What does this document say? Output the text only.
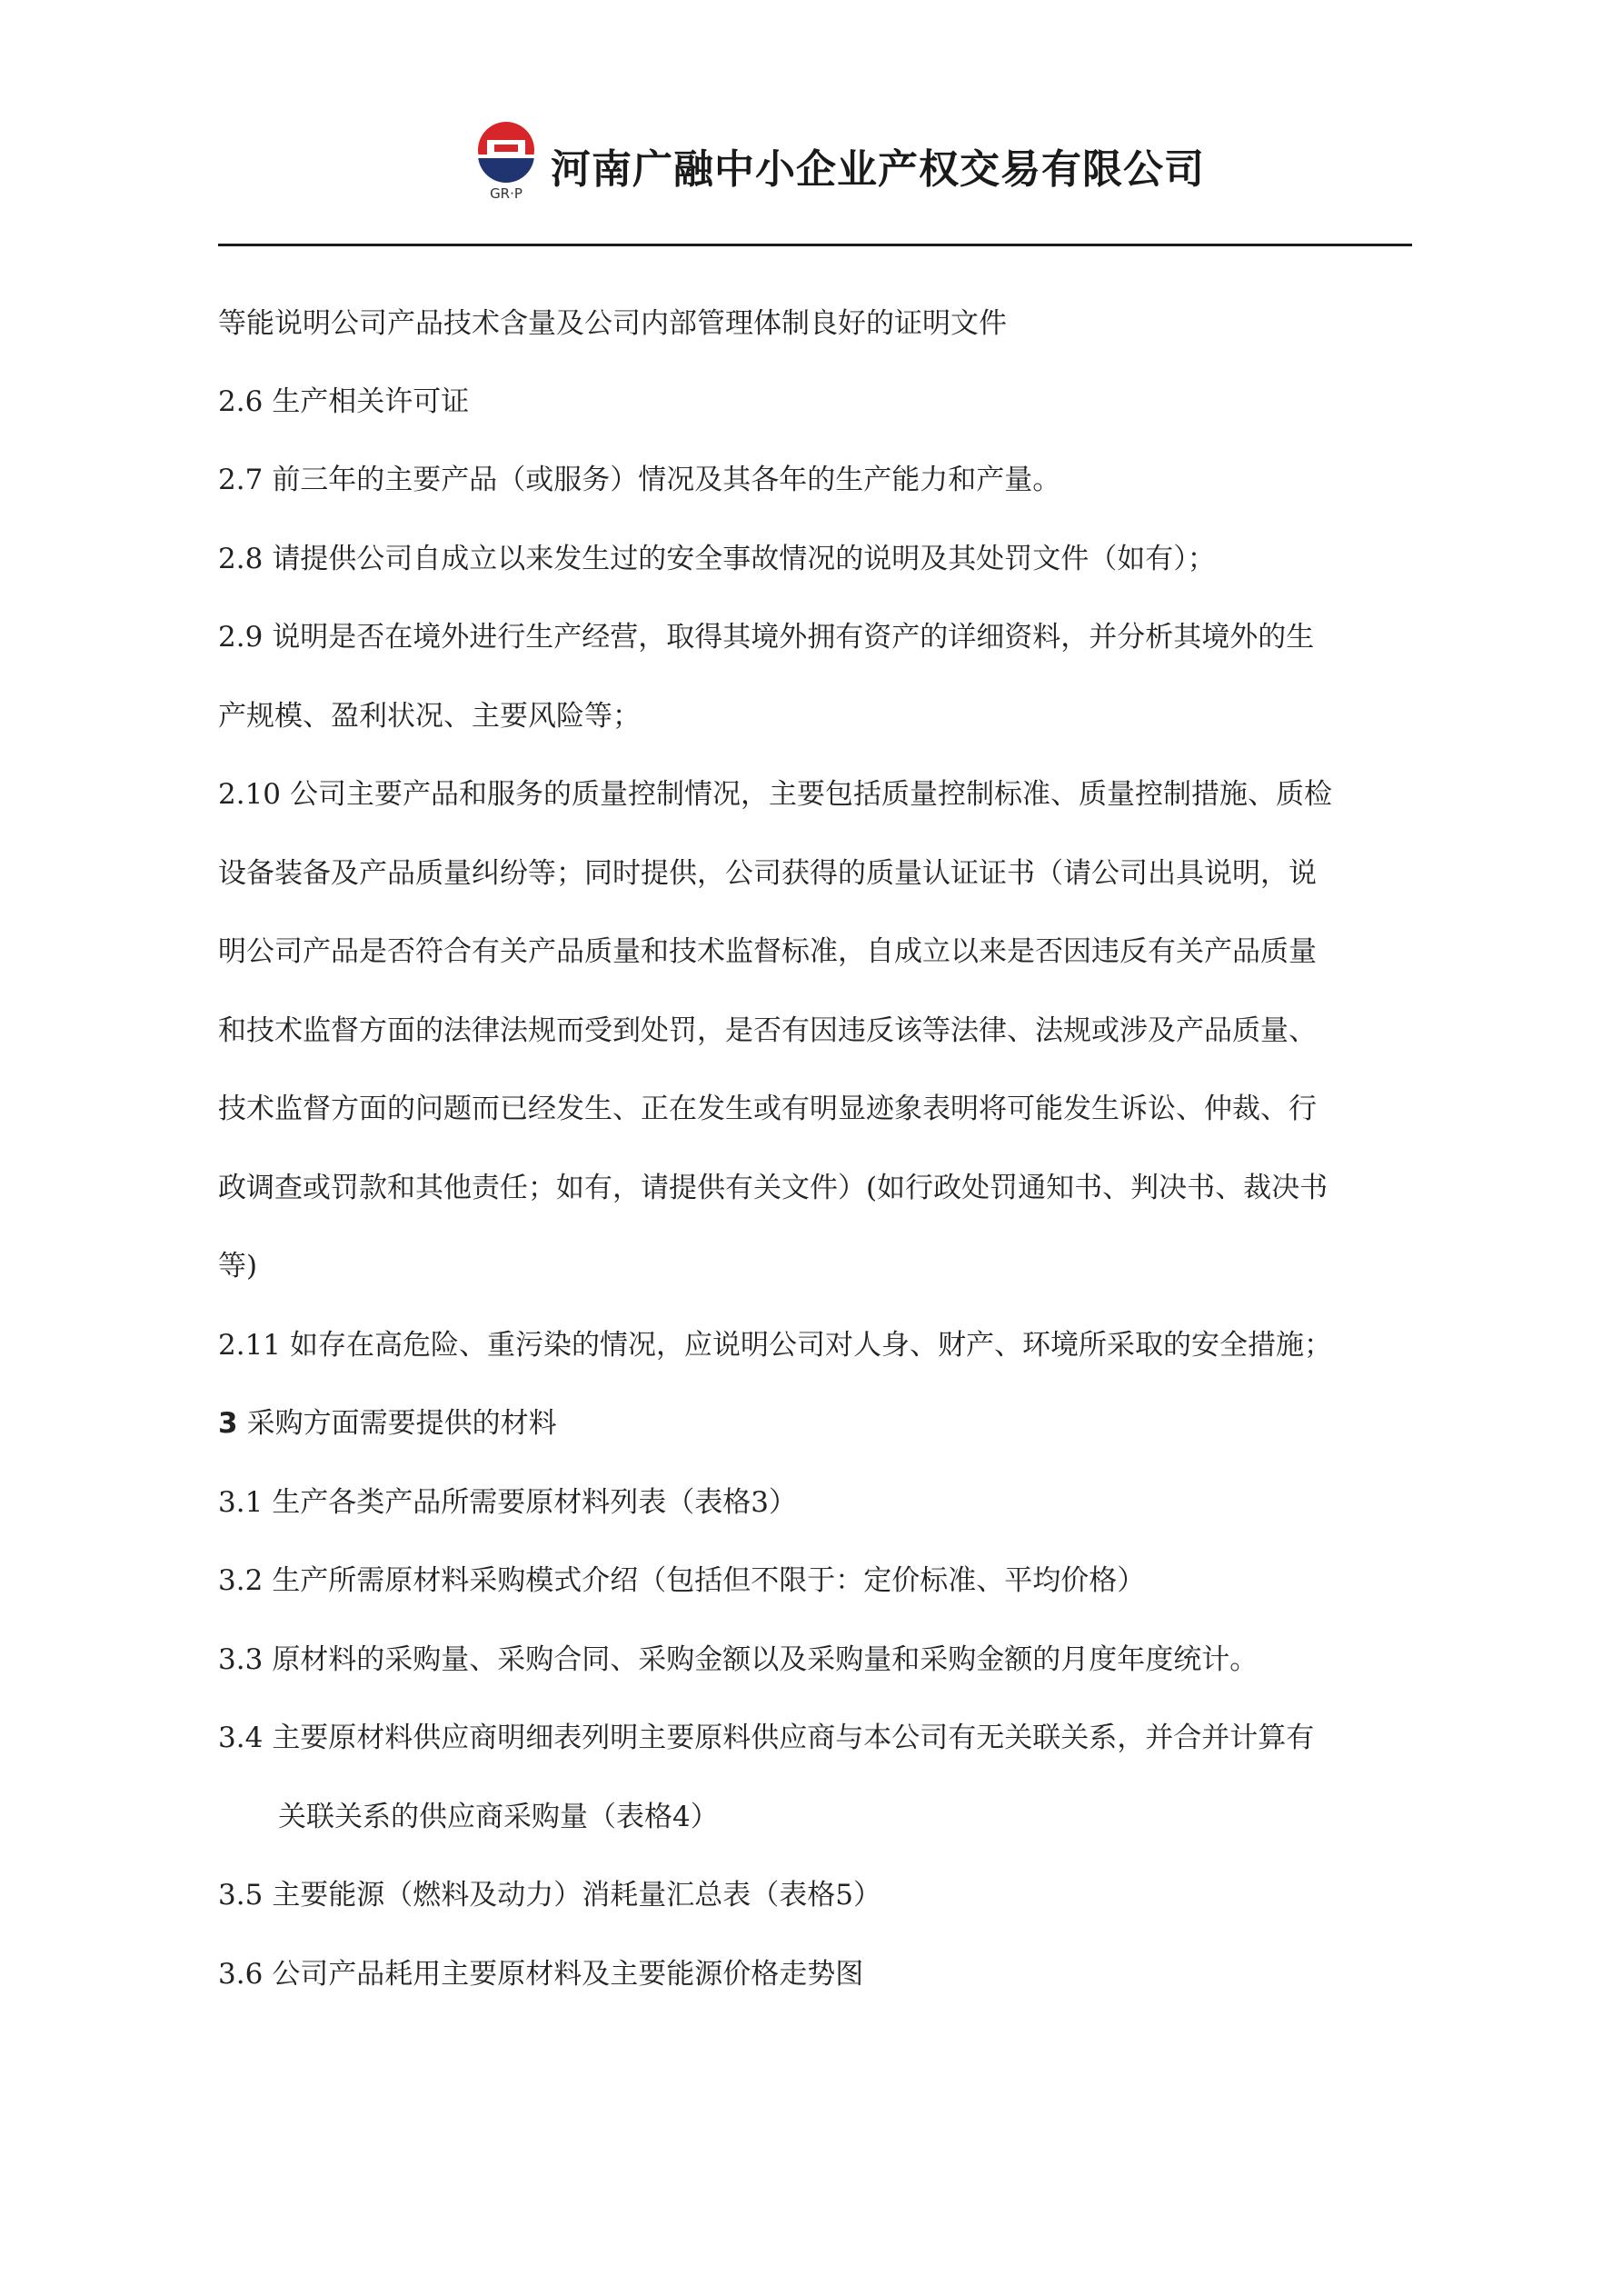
GR·P
河南广融中小企业产权交易有限公司
等能说明公司产品技术含量及公司内部管理体制良好的证明文件
2.6 生产相关许可证
2.7 前三年的主要产品（或服务）情况及其各年的生产能力和产量。
2.8 请提供公司自成立以来发生过的安全事故情况的说明及其处罚文件（如有）；
2.9 说明是否在境外进行生产经营，取得其境外拥有资产的详细资料，并分析其境外的生
产规模、盈利状况、主要风险等；
2.10 公司主要产品和服务的质量控制情况，主要包括质量控制标准、质量控制措施、质检
设备装备及产品质量纠纷等；同时提供，公司获得的质量认证证书（请公司出具说明，说
明公司产品是否符合有关产品质量和技术监督标准，自成立以来是否因违反有关产品质量
和技术监督方面的法律法规而受到处罚，是否有因违反该等法律、法规或涉及产品质量、
技术监督方面的问题而已经发生、正在发生或有明显迹象表明将可能发生诉讼、仲裁、行
政调查或罚款和其他责任；如有，请提供有关文件）(如行政处罚通知书、判决书、裁决书
等)
2.11 如存在高危险、重污染的情况，应说明公司对人身、财产、环境所采取的安全措施；
3 采购方面需要提供的材料
3.1 生产各类产品所需要原材料列表（表格3）
3.2 生产所需原材料采购模式介绍（包括但不限于：定价标准、平均价格）
3.3 原材料的采购量、采购合同、采购金额以及采购量和采购金额的月度年度统计。
3.4 主要原材料供应商明细表列明主要原料供应商与本公司有无关联关系，并合并计算有
关联关系的供应商采购量（表格4）
3.5 主要能源（燃料及动力）消耗量汇总表（表格5）
3.6 公司产品耗用主要原材料及主要能源价格走势图
